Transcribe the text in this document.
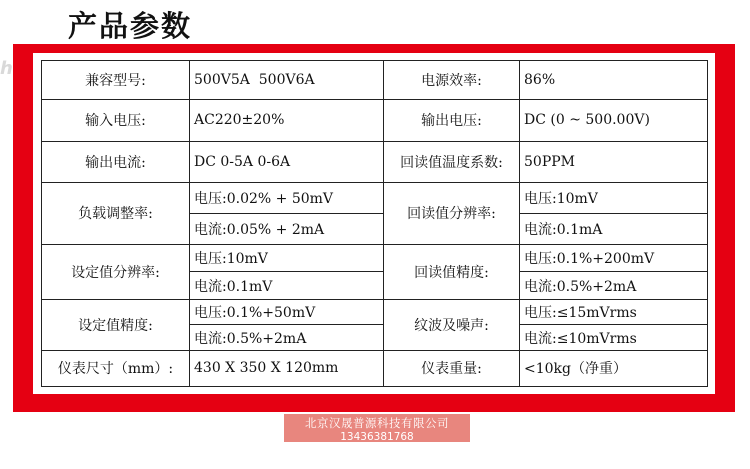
产品参数
兼容型号:	500V5A  500V6A	电源效率:	86%
输入电压:	AC220±20%	输出电压:	DC (0 ~ 500.00V)
输出电流:	DC 0-5A 0-6A	回读值温度系数:	50PPM
负载调整率:	电压:0.02% + 50mV	回读值分辨率:	电压:10mV
	电流:0.05% + 2mA		电流:0.1mA
设定值分辨率:	电压:10mV	回读值精度:	电压:0.1%+200mV
	电流:0.1mV		电流:0.5%+2mA
设定值精度:	电压:0.1%+50mV	纹波及噪声:	电压:≤15mVrms
	电流:0.5%+2mA		电流:≤10mVrms
仪表尺寸（mm）:	430 X 350 X 120mm	仪表重量:	<10kg（净重）
h
北京汉晟普源科技有限公司
13436381768
